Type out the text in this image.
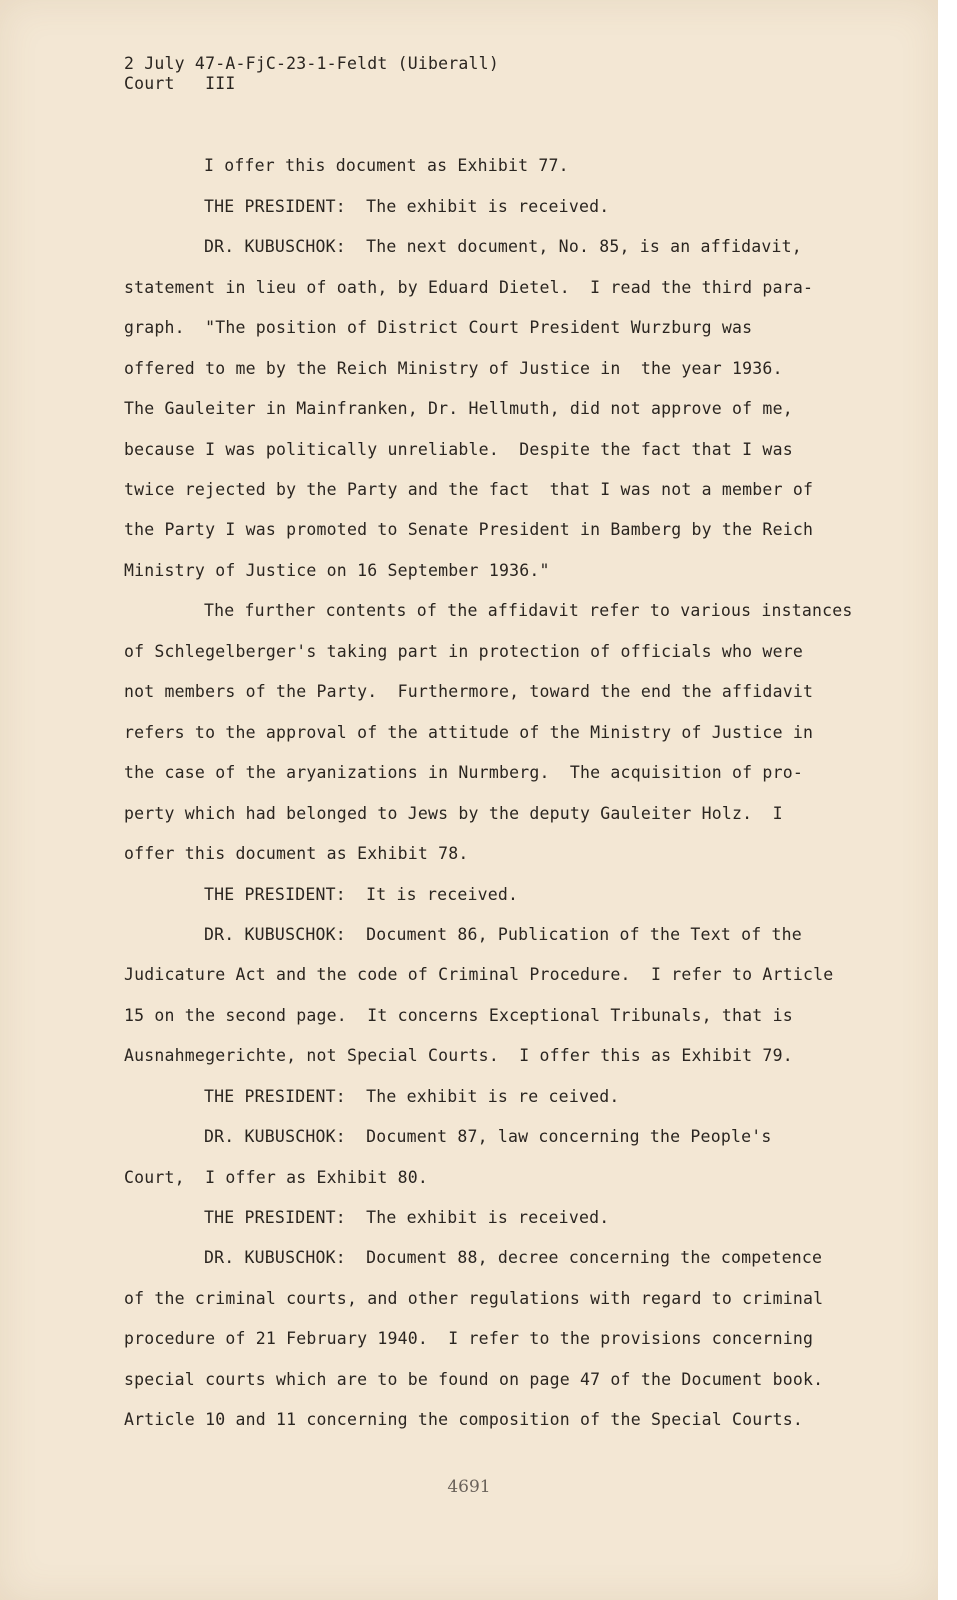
2 July 47-A-FjC-23-1-Feldt (Uiberall)
Court   III
I offer this document as Exhibit 77.
THE PRESIDENT:  The exhibit is received.
DR. KUBUSCHOK:  The next document, No. 85, is an affidavit,
statement in lieu of oath, by Eduard Dietel.  I read the third para-
graph.  "The position of District Court President Wurzburg was
offered to me by the Reich Ministry of Justice in  the year 1936.
The Gauleiter in Mainfranken, Dr. Hellmuth, did not approve of me,
because I was politically unreliable.  Despite the fact that I was
twice rejected by the Party and the fact  that I was not a member of
the Party I was promoted to Senate President in Bamberg by the Reich
Ministry of Justice on 16 September 1936."
The further contents of the affidavit refer to various instances
of Schlegelberger's taking part in protection of officials who were
not members of the Party.  Furthermore, toward the end the affidavit
refers to the approval of the attitude of the Ministry of Justice in
the case of the aryanizations in Nurmberg.  The acquisition of pro-
perty which had belonged to Jews by the deputy Gauleiter Holz.  I
offer this document as Exhibit 78.
THE PRESIDENT:  It is received.
DR. KUBUSCHOK:  Document 86, Publication of the Text of the
Judicature Act and the code of Criminal Procedure.  I refer to Article
15 on the second page.  It concerns Exceptional Tribunals, that is
Ausnahmegerichte, not Special Courts.  I offer this as Exhibit 79.
THE PRESIDENT:  The exhibit is re ceived.
DR. KUBUSCHOK:  Document 87, law concerning the People's
Court,  I offer as Exhibit 80.
THE PRESIDENT:  The exhibit is received.
DR. KUBUSCHOK:  Document 88, decree concerning the competence
of the criminal courts, and other regulations with regard to criminal
procedure of 21 February 1940.  I refer to the provisions concerning
special courts which are to be found on page 47 of the Document book.
Article 10 and 11 concerning the composition of the Special Courts.
4691
